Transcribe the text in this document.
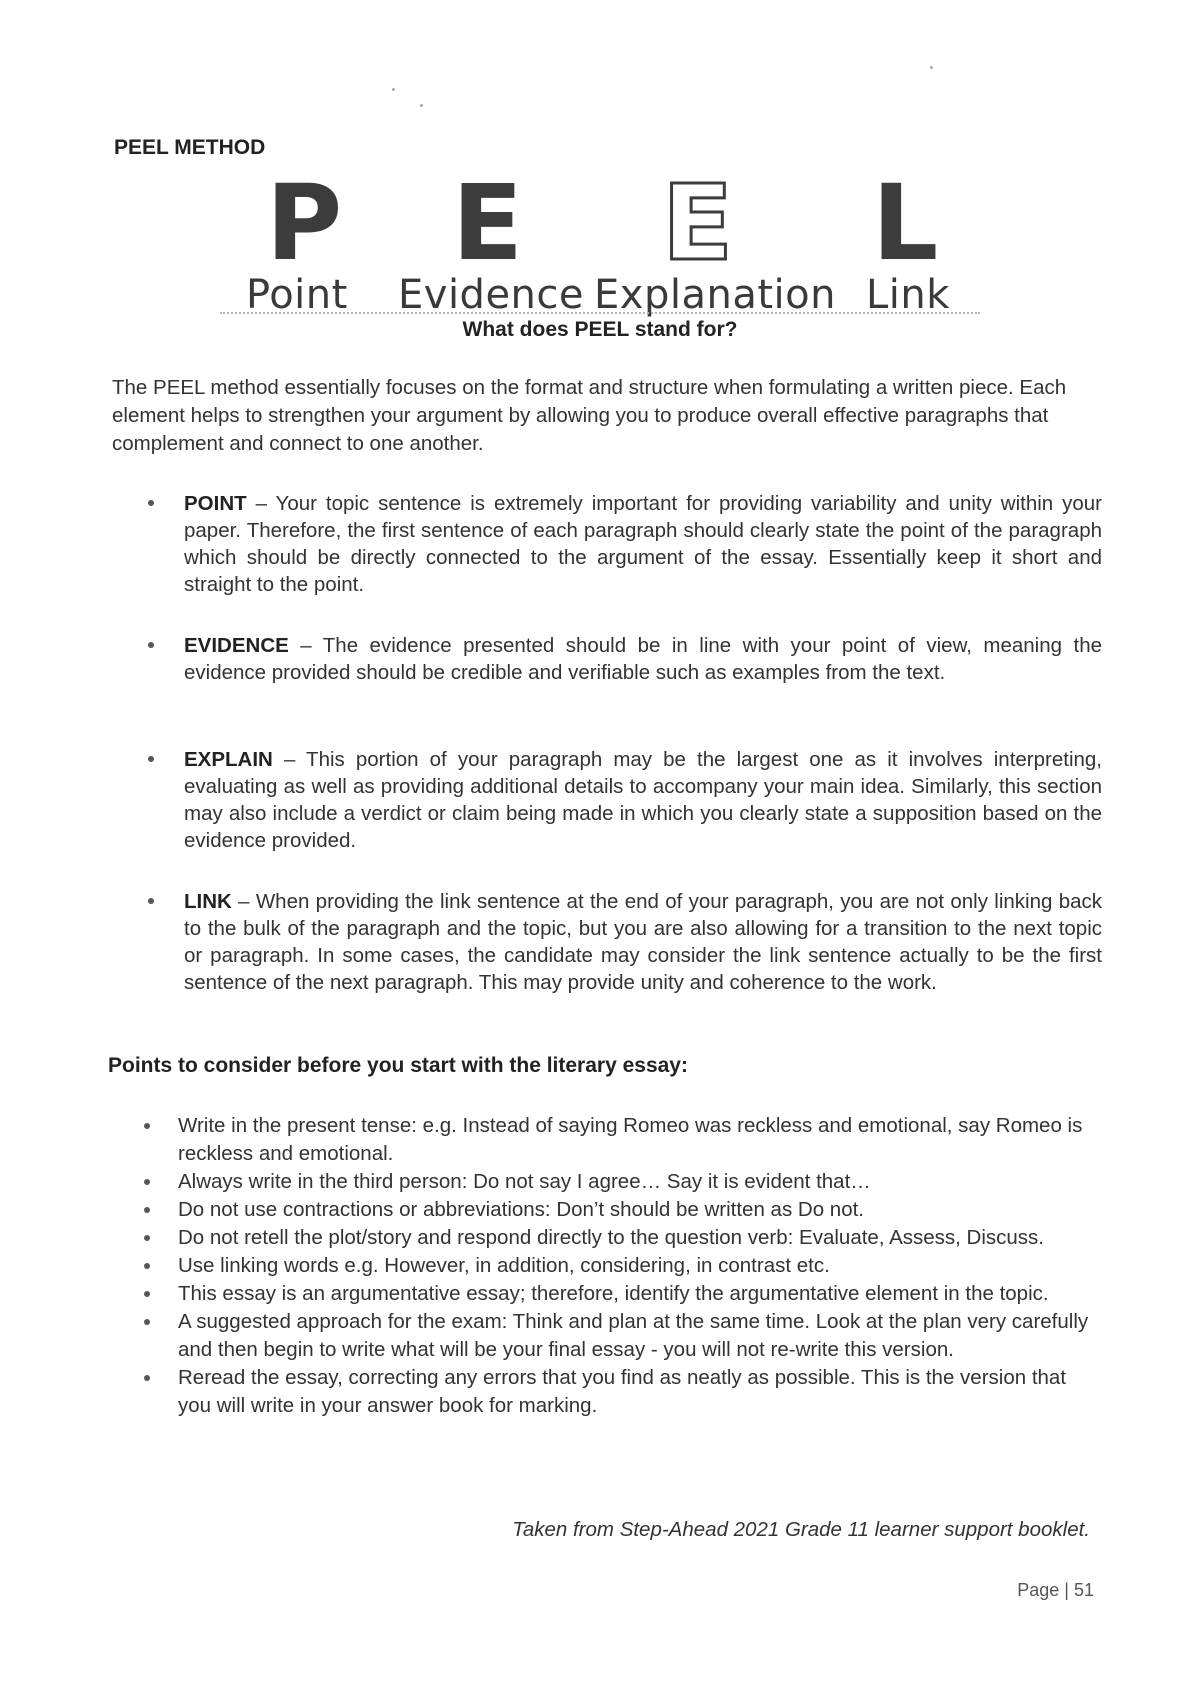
PEEL METHOD
P E E L
Point Evidence Explanation Link
What does PEEL stand for?
The PEEL method essentially focuses on the format and structure when formulating a written piece. Each element helps to strengthen your argument by allowing you to produce overall effective paragraphs that complement and connect to one another.
POINT – Your topic sentence is extremely important for providing variability and unity within your paper. Therefore, the first sentence of each paragraph should clearly state the point of the paragraph which should be directly connected to the argument of the essay. Essentially keep it short and straight to the point.
EVIDENCE – The evidence presented should be in line with your point of view, meaning the evidence provided should be credible and verifiable such as examples from the text.
EXPLAIN – This portion of your paragraph may be the largest one as it involves interpreting, evaluating as well as providing additional details to accompany your main idea. Similarly, this section may also include a verdict or claim being made in which you clearly state a supposition based on the evidence provided.
LINK – When providing the link sentence at the end of your paragraph, you are not only linking back to the bulk of the paragraph and the topic, but you are also allowing for a transition to the next topic or paragraph. In some cases, the candidate may consider the link sentence actually to be the first sentence of the next paragraph. This may provide unity and coherence to the work.
Points to consider before you start with the literary essay:
Write in the present tense: e.g. Instead of saying Romeo was reckless and emotional, say Romeo is reckless and emotional.
Always write in the third person: Do not say I agree… Say it is evident that…
Do not use contractions or abbreviations: Don’t should be written as Do not.
Do not retell the plot/story and respond directly to the question verb: Evaluate, Assess, Discuss.
Use linking words e.g. However, in addition, considering, in contrast etc.
This essay is an argumentative essay; therefore, identify the argumentative element in the topic.
A suggested approach for the exam: Think and plan at the same time. Look at the plan very carefully and then begin to write what will be your final essay - you will not re-write this version.
Reread the essay, correcting any errors that you find as neatly as possible. This is the version that you will write in your answer book for marking.
Taken from Step-Ahead 2021 Grade 11 learner support booklet.
Page | 51
